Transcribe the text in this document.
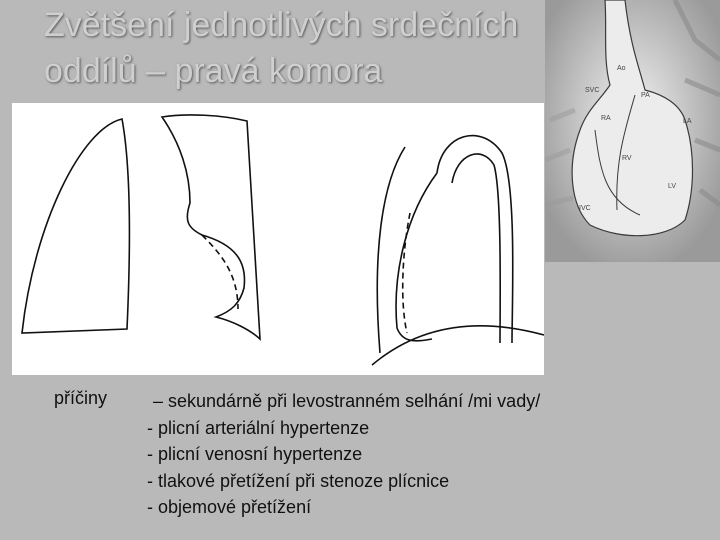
Zvětšení jednotlivých srdečních
oddílů – pravá komora	Ao
SVC
PA
RA	LA
RV
LV
IVC
příčiny	– sekundárně při levostranném selhání /mi vady/
- plicní arteriální hypertenze
- plicní venosní hypertenze
- tlakové přetížení při stenoze plícnice
- objemové přetížení
